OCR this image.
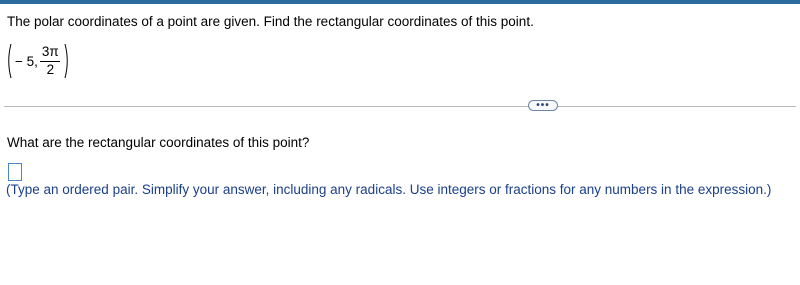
The polar coordinates of a point are given. Find the rectangular coordinates of this point.
− 5, $\frac{3\pi}{2}$
•••
What are the rectangular coordinates of this point?
(Type an ordered pair. Simplify your answer, including any radicals. Use integers or fractions for any numbers in the expression.)
